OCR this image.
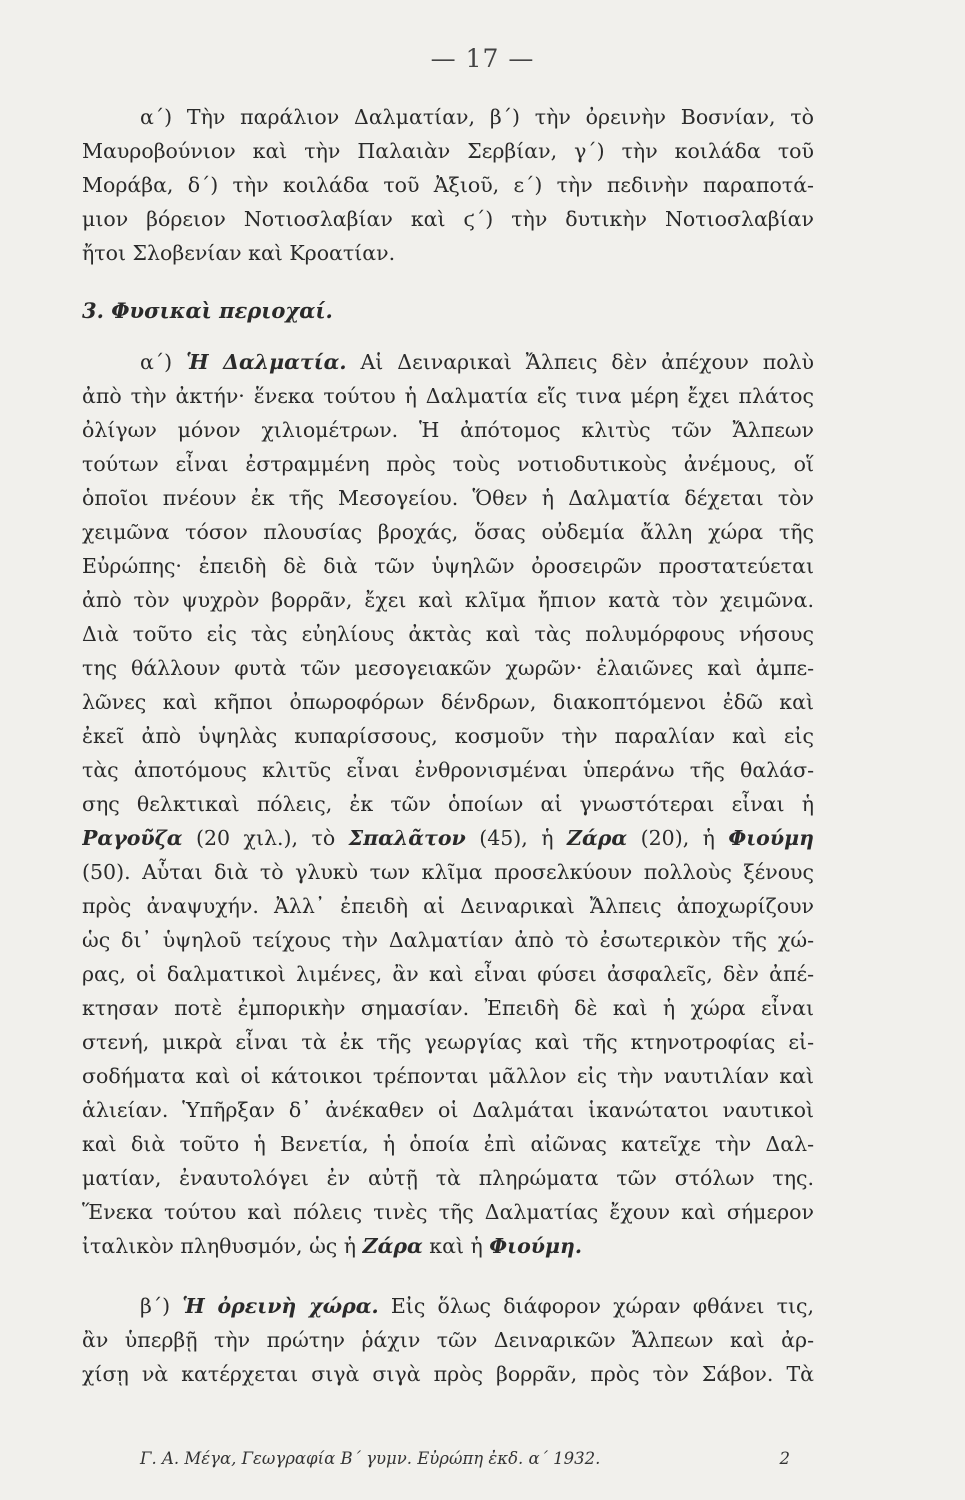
— 17 —
α΄) Τὴν παράλιον Δαλματίαν, β΄) τὴν ὀρεινὴν Βοσνίαν, τὸ
Μαυροβούνιον καὶ τὴν Παλαιὰν Σερβίαν, γ΄) τὴν κοιλάδα τοῦ
Μοράβα, δ΄) τὴν κοιλάδα τοῦ Ἀξιοῦ, ε΄) τὴν πεδινὴν παραποτά-
μιον βόρειον Νοτιοσλαβίαν καὶ ϛ΄) τὴν δυτικὴν Νοτιοσλαβίαν
ἤτοι Σλοβενίαν καὶ Κροατίαν.
3. Φυσικαὶ περιοχαί.
α΄) Ἡ Δαλματία. Αἱ Δειναρικαὶ Ἄλπεις δὲν ἀπέχουν πολὺ
ἀπὸ τὴν ἀκτήν· ἕνεκα τούτου ἡ Δαλματία εἴς τινα μέρη ἔχει πλάτος
ὀλίγων μόνον χιλιομέτρων. Ἡ ἀπότομος κλιτὺς τῶν Ἄλπεων
τούτων εἶναι ἐστραμμένη πρὸς τοὺς νοτιοδυτικοὺς ἀνέμους, οἵ
ὁποῖοι πνέουν ἐκ τῆς Μεσογείου. Ὅθεν ἡ Δαλματία δέχεται τὸν
χειμῶνα τόσον πλουσίας βροχάς, ὅσας οὐδεμία ἄλλη χώρα τῆς
Εὐρώπης· ἐπειδὴ δὲ διὰ τῶν ὑψηλῶν ὀροσειρῶν προστατεύεται
ἀπὸ τὸν ψυχρὸν βορρᾶν, ἔχει καὶ κλῖμα ἤπιον κατὰ τὸν χειμῶνα.
Διὰ τοῦτο εἰς τὰς εὐηλίους ἀκτὰς καὶ τὰς πολυμόρφους νήσους
της θάλλουν φυτὰ τῶν μεσογειακῶν χωρῶν· ἐλαιῶνες καὶ ἀμπε-
λῶνες καὶ κῆποι ὀπωροφόρων δένδρων, διακοπτόμενοι ἐδῶ καὶ
ἐκεῖ ἀπὸ ὑψηλὰς κυπαρίσσους, κοσμοῦν τὴν παραλίαν καὶ εἰς
τὰς ἀποτόμους κλιτῦς εἶναι ἐνθρονισμέναι ὑπεράνω τῆς θαλάσ-
σης θελκτικαὶ πόλεις, ἐκ τῶν ὁποίων αἱ γνωστότεραι εἶναι ἡ
Ραγοῦζα (20 χιλ.), τὸ Σπαλᾶτον (45), ἡ Ζάρα (20), ἡ Φιούμη
(50). Αὗται διὰ τὸ γλυκὺ των κλῖμα προσελκύουν πολλοὺς ξένους
πρὸς ἀναψυχήν. Ἀλλ᾽ ἐπειδὴ αἱ Δειναρικαὶ Ἄλπεις ἀποχωρίζουν
ὡς δι᾽ ὑψηλοῦ τείχους τὴν Δαλματίαν ἀπὸ τὸ ἐσωτερικὸν τῆς χώ-
ρας, οἱ δαλματικοὶ λιμένες, ἂν καὶ εἶναι φύσει ἀσφαλεῖς, δὲν ἀπέ-
κτησαν ποτὲ ἐμπορικὴν σημασίαν. Ἐπειδὴ δὲ καὶ ἡ χώρα εἶναι
στενή, μικρὰ εἶναι τὰ ἐκ τῆς γεωργίας καὶ τῆς κτηνοτροφίας εἰ-
σοδήματα καὶ οἱ κάτοικοι τρέπονται μᾶλλον εἰς τὴν ναυτιλίαν καὶ
ἁλιείαν. Ὑπῆρξαν δ᾽ ἀνέκαθεν οἱ Δαλμάται ἱκανώτατοι ναυτικοὶ
καὶ διὰ τοῦτο ἡ Βενετία, ἡ ὁποία ἐπὶ αἰῶνας κατεῖχε τὴν Δαλ-
ματίαν, ἐναυτολόγει ἐν αὐτῇ τὰ πληρώματα τῶν στόλων της.
Ἕνεκα τούτου καὶ πόλεις τινὲς τῆς Δαλματίας ἔχουν καὶ σήμερον
ἰταλικὸν πληθυσμόν, ὡς ἡ Ζάρα καὶ ἡ Φιούμη.
β΄) Ἡ ὀρεινὴ χώρα. Εἰς ὅλως διάφορον χώραν φθάνει τις,
ἂν ὑπερβῇ τὴν πρώτην ῥάχιν τῶν Δειναρικῶν Ἄλπεων καὶ ἀρ-
χίσῃ νὰ κατέρχεται σιγὰ σιγὰ πρὸς βορρᾶν, πρὸς τὸν Σάβον. Τὰ
Γ. Α. Μέγα, Γεωγραφία Β΄ γυμν. Εὐρώπη ἐκδ. α΄ 1932.	2
